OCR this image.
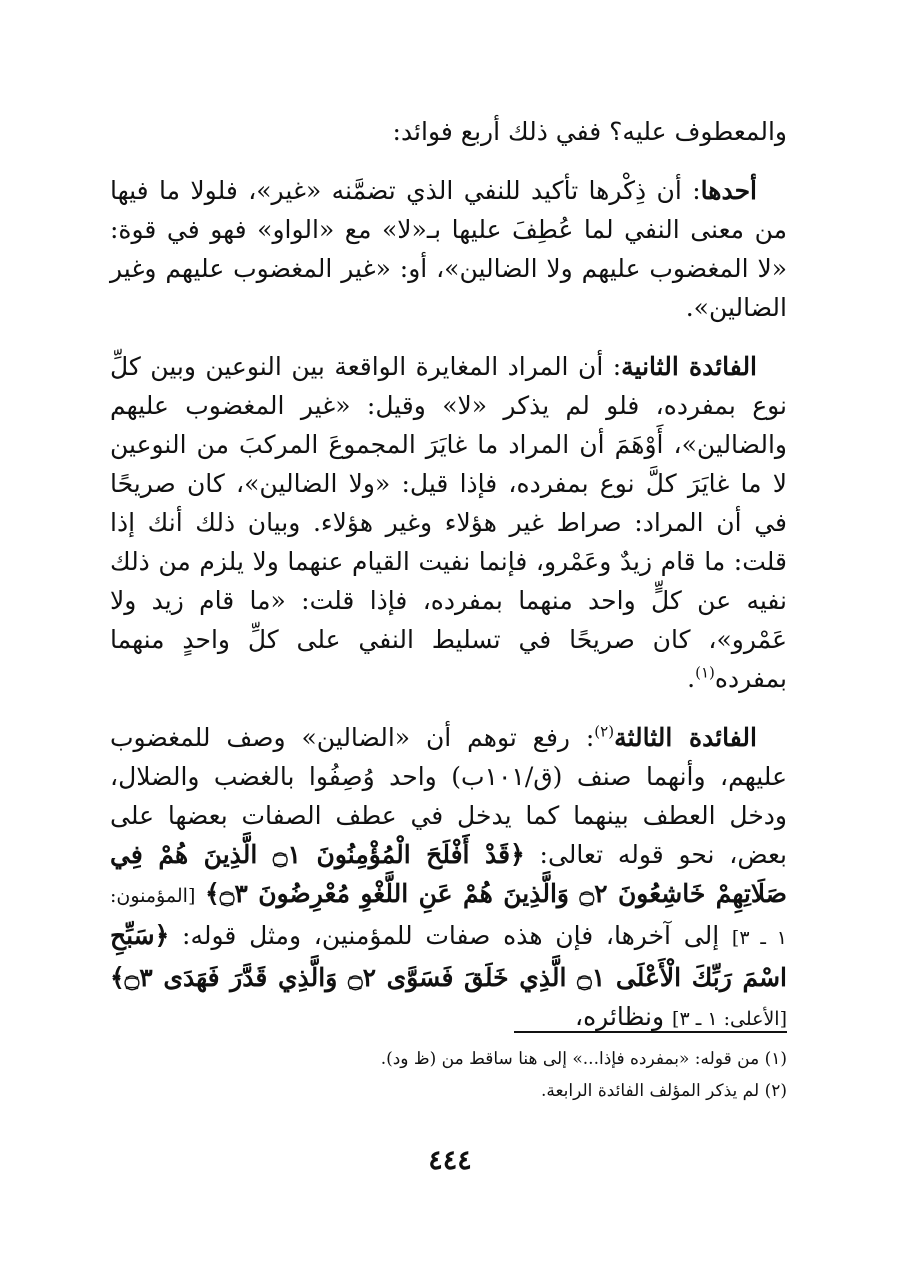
والمعطوف عليه؟ ففي ذلك أربع فوائد:

أحدها: أن ذِكْرها تأكيد للنفي الذي تضمَّنه «غير»، فلولا ما فيها من معنى النفي لما عُطِفَ عليها بـ«لا» مع «الواو» فهو في قوة: «لا المغضوب عليهم ولا الضالين»، أو: «غير المغضوب عليهم وغير الضالين».

الفائدة الثانية: أن المراد المغايرة الواقعة بين النوعين وبين كلِّ نوع بمفرده، فلو لم يذكر «لا» وقيل: «غير المغضوب عليهم والضالين»، أَوْهَمَ أن المراد ما غايَرَ المجموعَ المركبَ من النوعين لا ما غايَرَ كلَّ نوع بمفرده، فإذا قيل: «ولا الضالين»، كان صريحًا في أن المراد: صراط غير هؤلاء وغير هؤلاء. وبيان ذلك أنك إذا قلت: ما قام زيدٌ وعَمْرو، فإنما نفيت القيام عنهما ولا يلزم من ذلك نفيه عن كلٍّ واحد منهما بمفرده، فإذا قلت: «ما قام زيد ولا عَمْرو»، كان صريحًا في تسليط النفي على كلِّ واحدٍ منهما بمفرده$^{(١)}$.

الفائدة الثالثة$^{(٢)}$: رفع توهم أن «الضالين» وصف للمغضوب عليهم، وأنهما صنف (ق/١٠١ب) واحد وُصِفُوا بالغضب والضلال، ودخل العطف بينهما كما يدخل في عطف الصفات بعضها على بعض، نحو قوله تعالى: ﴿قَدْ أَفْلَحَ الْمُؤْمِنُونَ ۝١ الَّذِينَ هُمْ فِي صَلَاتِهِمْ خَاشِعُونَ ۝٢ وَالَّذِينَ هُمْ عَنِ اللَّغْوِ مُعْرِضُونَ ۝٣﴾ [المؤمنون: ١ ـ ٣] إلى آخرها، فإن هذه صفات للمؤمنين، ومثل قوله: ﴿سَبِّحِ اسْمَ رَبِّكَ الْأَعْلَى ۝١ الَّذِي خَلَقَ فَسَوَّى ۝٢ وَالَّذِي قَدَّرَ فَهَدَى ۝٣﴾ [الأعلى: ١ ـ ٣] ونظائره،

(١) من قوله: «بمفرده فإذا...» إلى هنا ساقط من (ظ ود).

(٢) لم يذكر المؤلف الفائدة الرابعة.

٤٤٤
